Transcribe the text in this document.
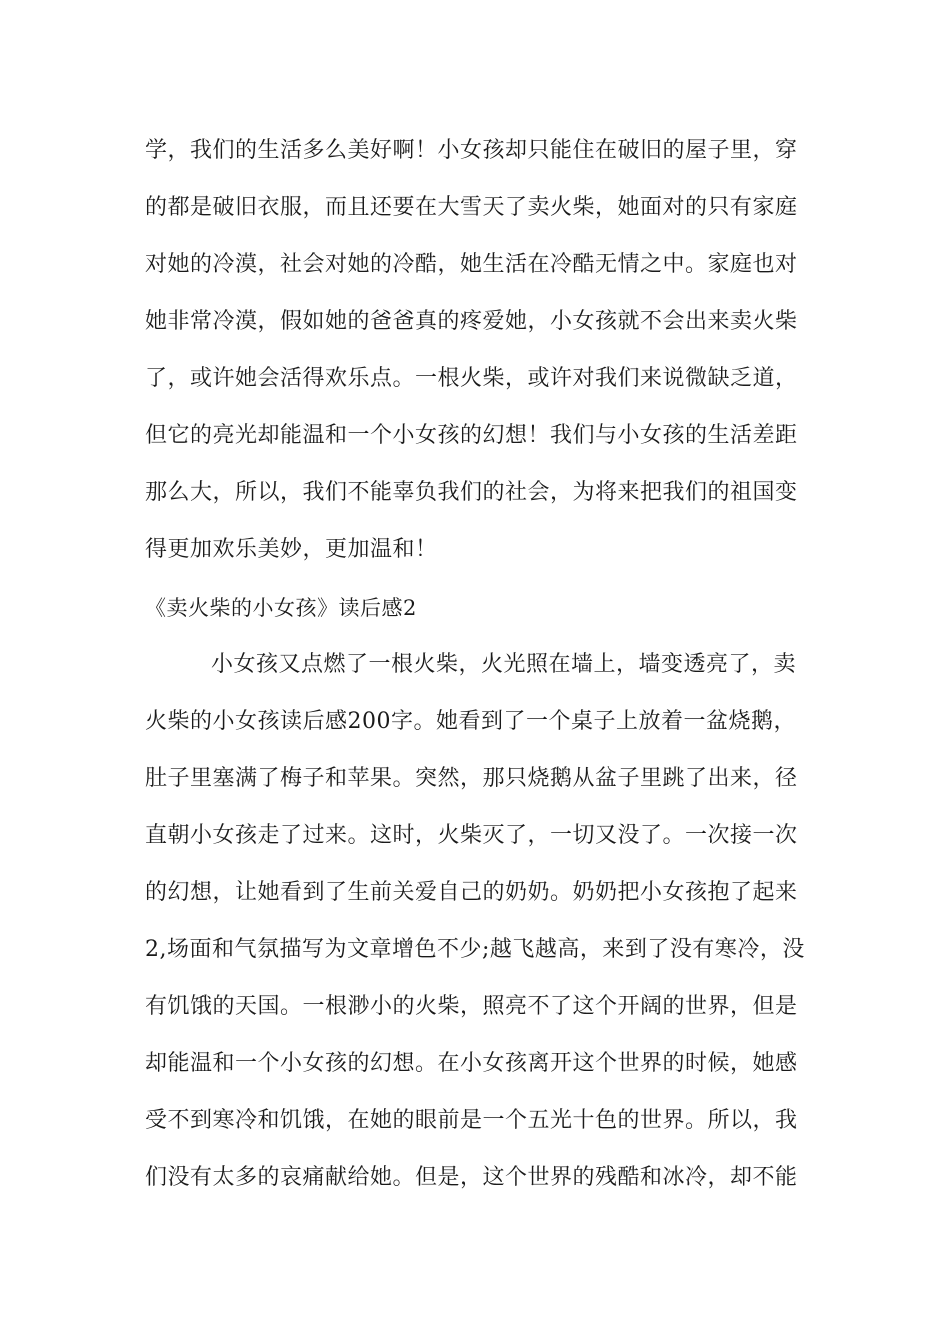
学，我们的生活多么美好啊！小女孩却只能住在破旧的屋子里，穿
的都是破旧衣服，而且还要在大雪天了卖火柴，她面对的只有家庭
对她的冷漠，社会对她的冷酷，她生活在冷酷无情之中。家庭也对
她非常冷漠，假如她的爸爸真的疼爱她，小女孩就不会出来卖火柴
了，或许她会活得欢乐点。一根火柴，或许对我们来说微缺乏道，
但它的亮光却能温和一个小女孩的幻想！我们与小女孩的生活差距
那么大，所以，我们不能辜负我们的社会，为将来把我们的祖国变
得更加欢乐美妙，更加温和！
《卖火柴的小女孩》读后感2
小女孩又点燃了一根火柴，火光照在墙上，墙变透亮了，卖
火柴的小女孩读后感200字。她看到了一个桌子上放着一盆烧鹅，
肚子里塞满了梅子和苹果。突然，那只烧鹅从盆子里跳了出来，径
直朝小女孩走了过来。这时，火柴灭了，一切又没了。一次接一次
的幻想，让她看到了生前关爱自己的奶奶。奶奶把小女孩抱了起来
2,场面和气氛描写为文章增色不少;越飞越高，来到了没有寒冷，没
有饥饿的天国。一根渺小的火柴，照亮不了这个开阔的世界，但是
却能温和一个小女孩的幻想。在小女孩离开这个世界的时候，她感
受不到寒冷和饥饿，在她的眼前是一个五光十色的世界。所以，我
们没有太多的哀痛献给她。但是，这个世界的残酷和冰冷，却不能
